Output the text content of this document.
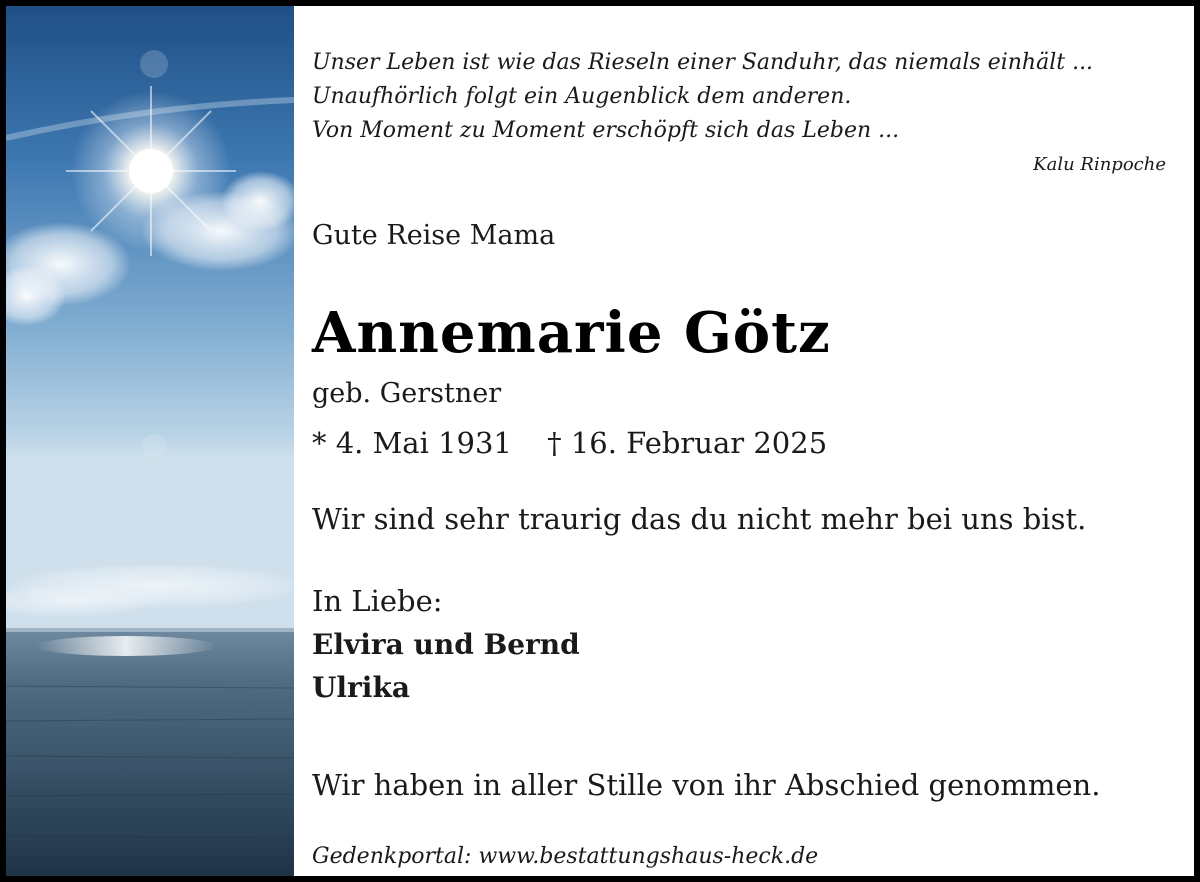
Unser Leben ist wie das Rieseln einer Sanduhr, das niemals einhält ...
Unaufhörlich folgt ein Augenblick dem anderen.
Von Moment zu Moment erschöpft sich das Leben ...
Kalu Rinpoche
Gute Reise Mama
Annemarie Götz
geb. Gerstner
* 4. Mai 1931 † 16. Februar 2025
Wir sind sehr traurig das du nicht mehr bei uns bist.
In Liebe:
Elvira und Bernd
Ulrika
Wir haben in aller Stille von ihr Abschied genommen.
Gedenkportal: www.bestattungshaus-heck.de
